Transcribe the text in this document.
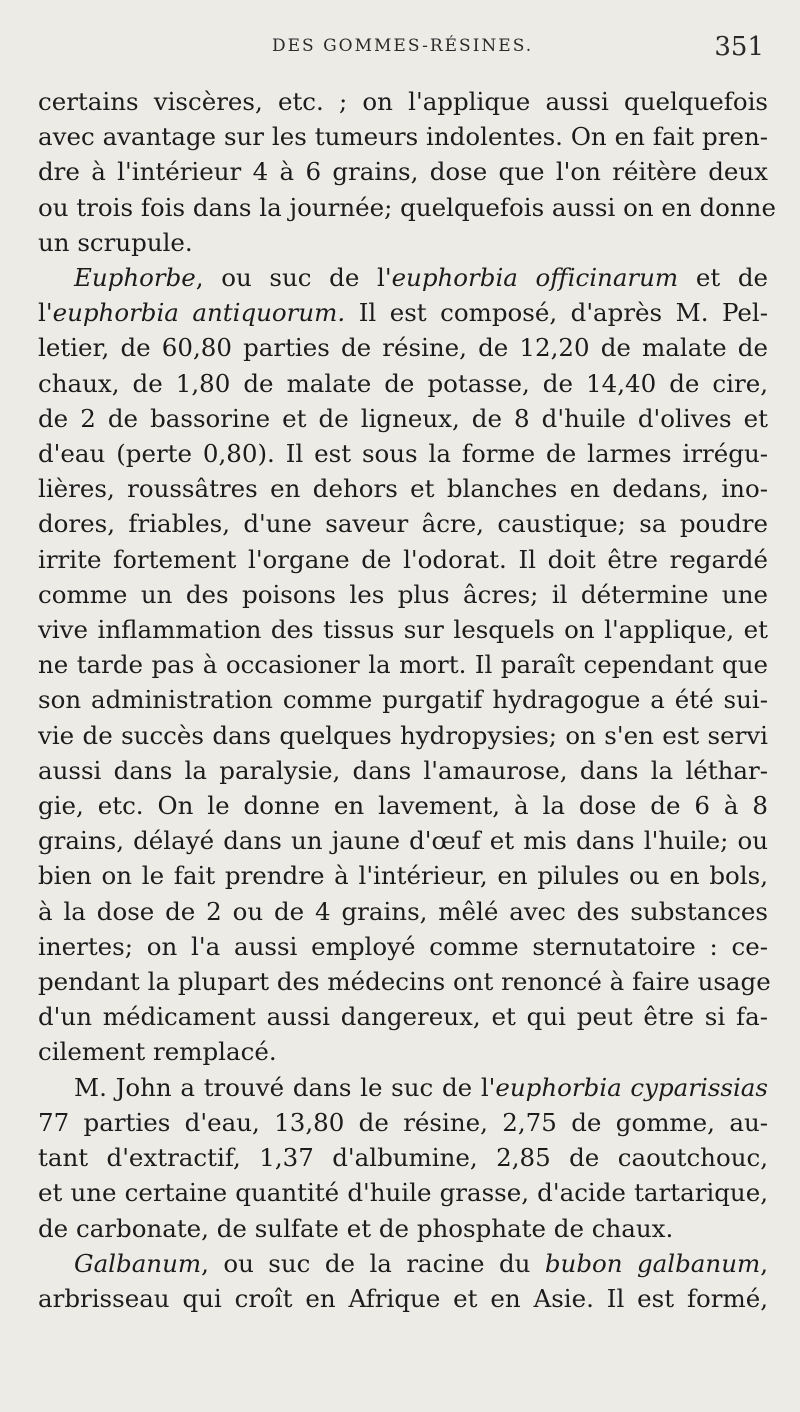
DES GOMMES-RÉSINES.	351
certains viscères, etc. ; on l'applique aussi quelquefois
avec avantage sur les tumeurs indolentes. On en fait pren-
dre à l'intérieur 4 à 6 grains, dose que l'on réitère deux
ou trois fois dans la journée; quelquefois aussi on en donne
un scrupule.
Euphorbe, ou suc de l'euphorbia officinarum et de
l'euphorbia antiquorum. Il est composé, d'après M. Pel-
letier, de 60,80 parties de résine, de 12,20 de malate de
chaux, de 1,80 de malate de potasse, de 14,40 de cire,
de 2 de bassorine et de ligneux, de 8 d'huile d'olives et
d'eau (perte 0,80). Il est sous la forme de larmes irrégu-
lières, roussâtres en dehors et blanches en dedans, ino-
dores, friables, d'une saveur âcre, caustique; sa poudre
irrite fortement l'organe de l'odorat. Il doit être regardé
comme un des poisons les plus âcres; il détermine une
vive inflammation des tissus sur lesquels on l'applique, et
ne tarde pas à occasioner la mort. Il paraît cependant que
son administration comme purgatif hydragogue a été sui-
vie de succès dans quelques hydropysies; on s'en est servi
aussi dans la paralysie, dans l'amaurose, dans la léthar-
gie, etc. On le donne en lavement, à la dose de 6 à 8
grains, délayé dans un jaune d'œuf et mis dans l'huile; ou
bien on le fait prendre à l'intérieur, en pilules ou en bols,
à la dose de 2 ou de 4 grains, mêlé avec des substances
inertes; on l'a aussi employé comme sternutatoire : ce-
pendant la plupart des médecins ont renoncé à faire usage
d'un médicament aussi dangereux, et qui peut être si fa-
cilement remplacé.
M. John a trouvé dans le suc de l'euphorbia cyparissias
77 parties d'eau, 13,80 de résine, 2,75 de gomme, au-
tant d'extractif, 1,37 d'albumine, 2,85 de caoutchouc,
et une certaine quantité d'huile grasse, d'acide tartarique,
de carbonate, de sulfate et de phosphate de chaux.
Galbanum, ou suc de la racine du bubon galbanum,
arbrisseau qui croît en Afrique et en Asie. Il est formé,
